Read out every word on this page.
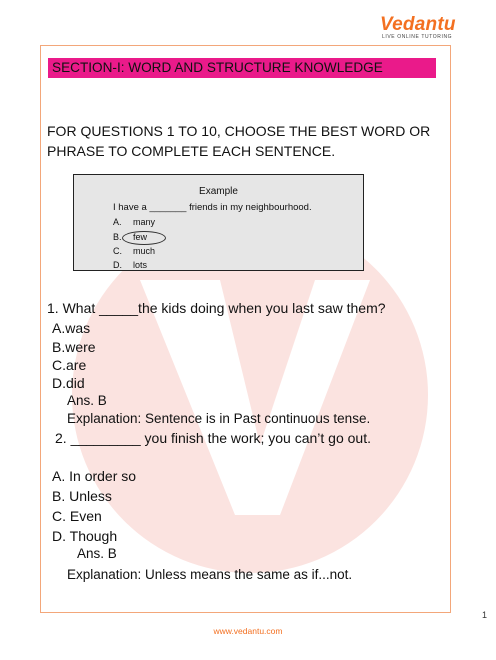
Vedantu
LIVE ONLINE TUTORING
SECTION-I: WORD AND STRUCTURE KNOWLEDGE
FOR QUESTIONS 1 TO 10, CHOOSE THE BEST WORD OR PHRASE TO COMPLETE EACH SENTENCE.
Example
I have a _______ friends in my neighbourhood.
A. many
B. few
C. much
D. lots
1. What _____the kids doing when you last saw them?
A.was
B.were
C.are
D.did
Ans. B
Explanation: Sentence is in Past continuous tense.
2. _________ you finish the work; you can’t go out.
A. In order so
B. Unless
C. Even
D. Though
Ans. B
Explanation: Unless means the same as if...not.
1
www.vedantu.com
